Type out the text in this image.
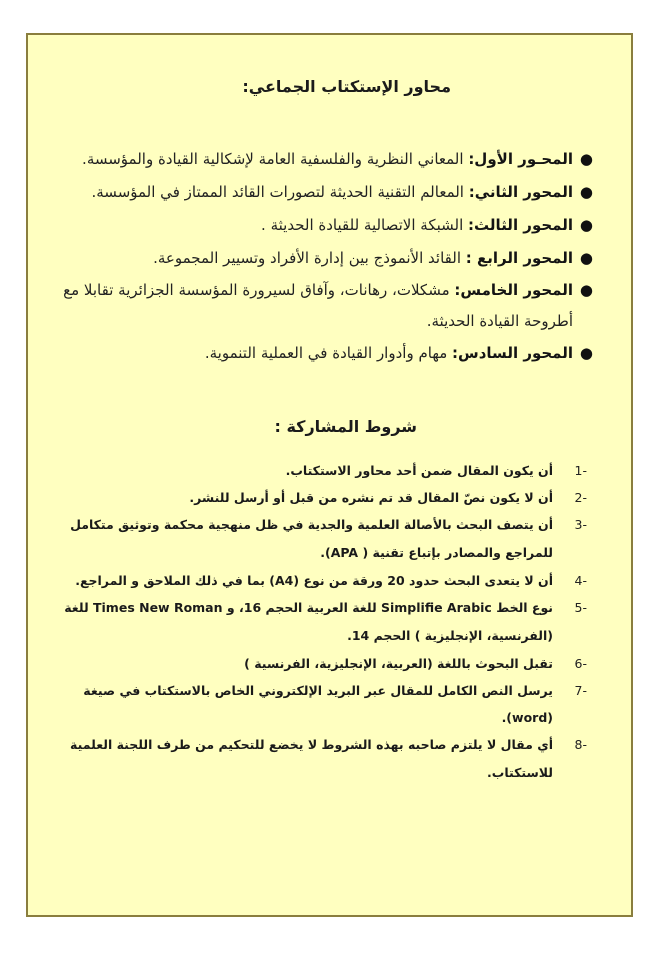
محاور الإستكتاب الجماعي:
●
المحـور الأول: المعاني النظرية والفلسفية العامة لإشكالية القيادة والمؤسسة.
●
المحور الثاني: المعالم التقنية الحديثة لتصورات القائد الممتاز في المؤسسة.
●
المحور الثالث: الشبكة الاتصالية للقيادة الحديثة .
●
المحور الرابع : القائد الأنموذج بين إدارة الأفراد وتسيير المجموعة.
●
المحور الخامس: مشكلات، رهانات، وآفاق لسيرورة المؤسسة الجزائرية تقابلا مع أطروحة القيادة الحديثة.
●
المحور السادس: مهام وأدوار القيادة في العملية التنموية.
شروط المشاركة :
-1
أن يكون المقال ضمن أحد محاور الاستكتاب.
-2
أن لا يكون نصّ المقال قد تم نشره من قبل أو أرسل للنشر.
-3
أن يتصف البحث بالأصالة العلمية والجدية في ظل منهجية محكمة وتوثيق متكامل للمراجع والمصادر بإتباع تقنية ( APA).
-4
أن لا يتعدى البحث حدود 20 ورقة من نوع (A4) بما في ذلك الملاحق و المراجع.
-5
نوع الخط Simplifie Arabic للغة العربية الحجم 16، و Times New Roman للغة (الفرنسية، الإنجليزية ) الحجم 14.
-6
تقبل البحوث باللغة (العربية، الإنجليزية، الفرنسية )
-7
يرسل النص الكامل للمقال عبر البريد الإلكتروني الخاص بالاستكتاب في صيغة (word).
-8
أي مقال لا يلتزم صاحبه بهذه الشروط لا يخضع للتحكيم من طرف اللجنة العلمية للاستكتاب.
